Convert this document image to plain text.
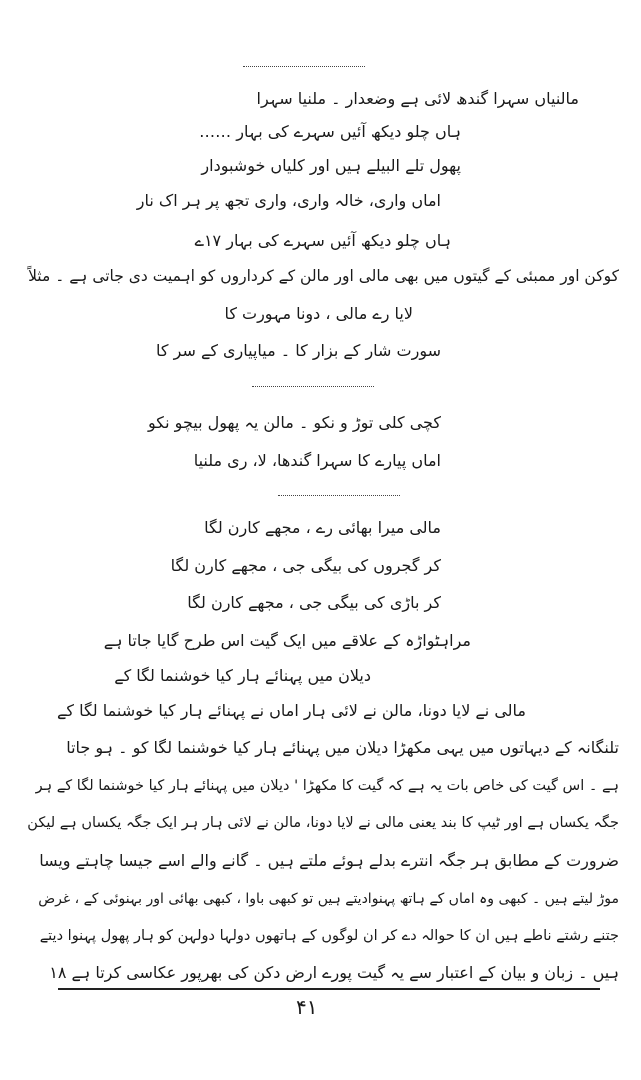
مالنیاں سہرا گندھ لائی ہے وضعدار ۔ ملنیا سہرا
ہاں چلو دیکھ آئیں سہرے کی بہار ……
پھول تلے البیلے ہیں اور کلیاں خوشبودار
اماں واری، خالہ واری، واری تجھ پر ہر اک نار
ہاں چلو دیکھ آئیں سہرے کی بہار ١٧ے
کوکن اور ممبئی کے گیتوں میں بھی مالی اور مالن کے کرداروں کو اہمیت دی جاتی ہے ۔ مثلاً
لایا رے مالی ، دونا مہورت کا
سورت شار کے بزار کا ۔ میاپیاری کے سر کا
کچی کلی توڑ و نکو ۔ مالن یہ پھول بیچو نکو
اماں پیارے کا سہرا گندھا، لا، ری ملنیا
مالی میرا بھائی رے ، مجھے کارن لگا
کر گجروں کی بیگی جی ، مجھے کارن لگا
کر باڑی کی بیگی جی ، مجھے کارن لگا
مراہٹواڑہ کے علاقے میں ایک گیت اس طرح گایا جاتا ہے
دیلان میں پہنائے ہار کیا خوشنما لگا کے
مالی نے لایا دونا، مالن نے لائی ہار اماں نے پہنائے ہار کیا خوشنما لگا کے
تلنگانہ کے دیہاتوں میں یہی مکھڑا دیلان میں پہنائے ہار کیا خوشنما لگا کو ۔ ہو جاتا
ہے ۔ اس گیت کی خاص بات یہ ہے کہ گیت کا مکھڑا ' دیلان میں پہنائے ہار کیا خوشنما لگا کے ہر
جگہ یکساں ہے اور ٹیپ کا بند یعنی مالی نے لایا دونا، مالن نے لائی ہار ہر ایک جگہ یکساں ہے لیکن
ضرورت کے مطابق ہر جگہ انترے بدلے ہوئے ملتے ہیں ۔ گانے والے اسے جیسا چاہتے ویسا
موڑ لیتے ہیں ۔ کبھی وہ اماں کے ہاتھ پہنوادیتے ہیں تو کبھی باوا ، کبھی بھائی اور بہنوئی کے ، غرض
جتنے رشتے ناطے ہیں ان کا حوالہ دے کر ان لوگوں کے ہاتھوں دولہا دولہن کو ہار پھول پہنوا دیتے
ہیں ۔ زبان و بیان کے اعتبار سے یہ گیت پورے ارض دکن کی بھرپور عکاسی کرتا ہے ١٨
۴۱
